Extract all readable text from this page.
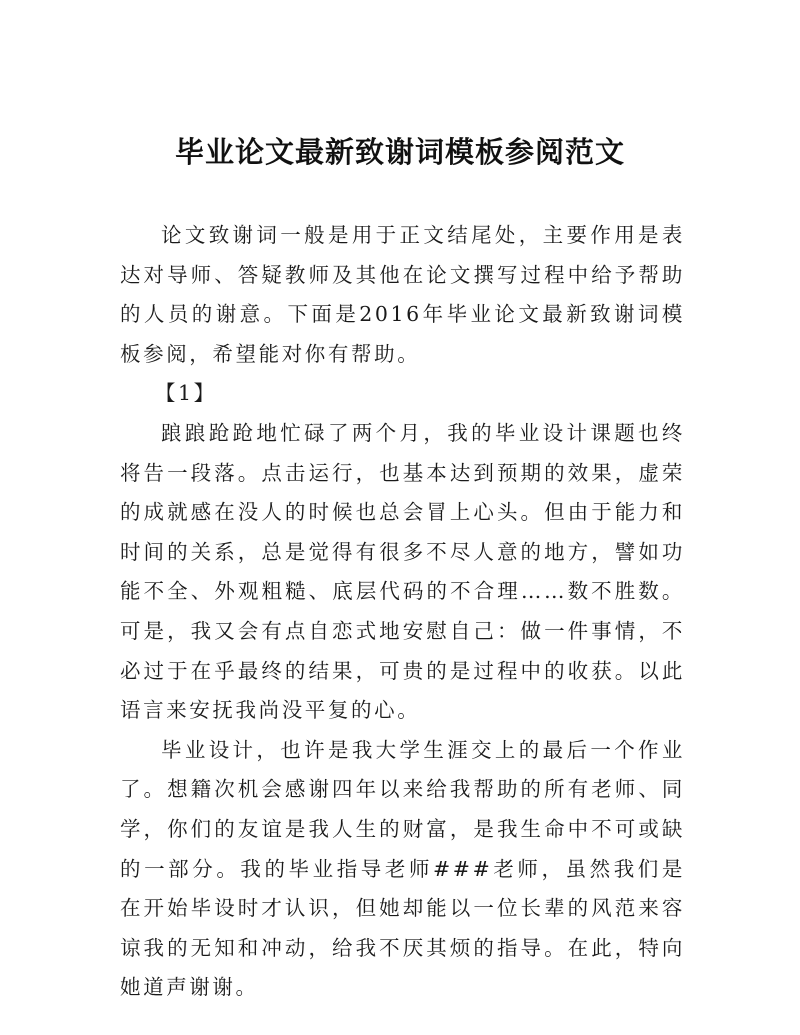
毕业论文最新致谢词模板参阅范文

论文致谢词一般是用于正文结尾处，主要作用是表达对导师、答疑教师及其他在论文撰写过程中给予帮助的人员的谢意。下面是2016年毕业论文最新致谢词模板参阅，希望能对你有帮助。

【1】

踉踉跄跄地忙碌了两个月，我的毕业设计课题也终将告一段落。点击运行，也基本达到预期的效果，虚荣的成就感在没人的时候也总会冒上心头。但由于能力和时间的关系，总是觉得有很多不尽人意的地方，譬如功能不全、外观粗糙、底层代码的不合理……数不胜数。可是，我又会有点自恋式地安慰自己：做一件事情，不必过于在乎最终的结果，可贵的是过程中的收获。以此语言来安抚我尚没平复的心。

毕业设计，也许是我大学生涯交上的最后一个作业了。想籍次机会感谢四年以来给我帮助的所有老师、同学，你们的友谊是我人生的财富，是我生命中不可或缺的一部分。我的毕业指导老师###老师，虽然我们是在开始毕设时才认识，但她却能以一位长辈的风范来容谅我的无知和冲动，给我不厌其烦的指导。在此，特向她道声谢谢。
